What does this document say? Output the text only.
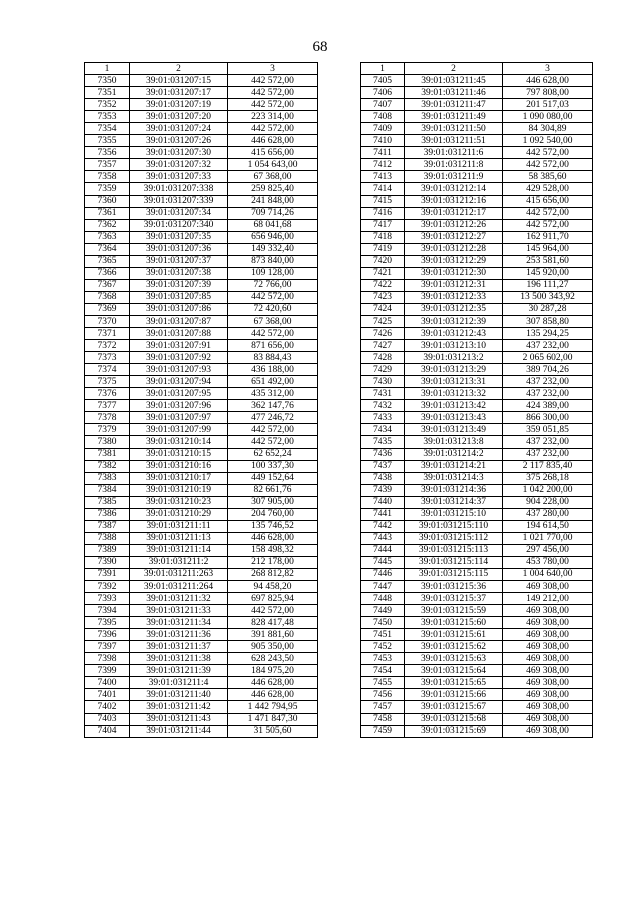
68
1	2	3
7350	39:01:031207:15	442 572,00
7351	39:01:031207:17	442 572,00
7352	39:01:031207:19	442 572,00
7353	39:01:031207:20	223 314,00
7354	39:01:031207:24	442 572,00
7355	39:01:031207:26	446 628,00
7356	39:01:031207:30	415 656,00
7357	39:01:031207:32	1 054 643,00
7358	39:01:031207:33	67 368,00
7359	39:01:031207:338	259 825,40
7360	39:01:031207:339	241 848,00
7361	39:01:031207:34	709 714,26
7362	39:01:031207:340	68 041,68
7363	39:01:031207:35	656 946,00
7364	39:01:031207:36	149 332,40
7365	39:01:031207:37	873 840,00
7366	39:01:031207:38	109 128,00
7367	39:01:031207:39	72 766,00
7368	39:01:031207:85	442 572,00
7369	39:01:031207:86	72 420,60
7370	39:01:031207:87	67 368,00
7371	39:01:031207:88	442 572,00
7372	39:01:031207:91	871 656,00
7373	39:01:031207:92	83 884,43
7374	39:01:031207:93	436 188,00
7375	39:01:031207:94	651 492,00
7376	39:01:031207:95	435 312,00
7377	39:01:031207:96	362 147,76
7378	39:01:031207:97	477 246,72
7379	39:01:031207:99	442 572,00
7380	39:01:031210:14	442 572,00
7381	39:01:031210:15	62 652,24
7382	39:01:031210:16	100 337,30
7383	39:01:031210:17	449 152,64
7384	39:01:031210:19	82 661,76
7385	39:01:031210:23	307 905,00
7386	39:01:031210:29	204 760,00
7387	39:01:031211:11	135 746,52
7388	39:01:031211:13	446 628,00
7389	39:01:031211:14	158 498,32
7390	39:01:031211:2	212 178,00
7391	39:01:031211:263	268 812,82
7392	39:01:031211:264	94 458,20
7393	39:01:031211:32	697 825,94
7394	39:01:031211:33	442 572,00
7395	39:01:031211:34	828 417,48
7396	39:01:031211:36	391 881,60
7397	39:01:031211:37	905 350,00
7398	39:01:031211:38	628 243,50
7399	39:01:031211:39	184 975,20
7400	39:01:031211:4	446 628,00
7401	39:01:031211:40	446 628,00
7402	39:01:031211:42	1 442 794,95
7403	39:01:031211:43	1 471 847,30
7404	39:01:031211:44	31 505,60
1	2	3
7405	39:01:031211:45	446 628,00
7406	39:01:031211:46	797 808,00
7407	39:01:031211:47	201 517,03
7408	39:01:031211:49	1 090 080,00
7409	39:01:031211:50	84 304,89
7410	39:01:031211:51	1 092 540,00
7411	39:01:031211:6	442 572,00
7412	39:01:031211:8	442 572,00
7413	39:01:031211:9	58 385,60
7414	39:01:031212:14	429 528,00
7415	39:01:031212:16	415 656,00
7416	39:01:031212:17	442 572,00
7417	39:01:031212:26	442 572,00
7418	39:01:031212:27	162 911,70
7419	39:01:031212:28	145 964,00
7420	39:01:031212:29	253 581,60
7421	39:01:031212:30	145 920,00
7422	39:01:031212:31	196 111,27
7423	39:01:031212:33	13 500 343,92
7424	39:01:031212:35	30 287,28
7425	39:01:031212:39	307 858,80
7426	39:01:031212:43	135 294,25
7427	39:01:031213:10	437 232,00
7428	39:01:031213:2	2 065 602,00
7429	39:01:031213:29	389 704,26
7430	39:01:031213:31	437 232,00
7431	39:01:031213:32	437 232,00
7432	39:01:031213:42	424 389,00
7433	39:01:031213:43	866 300,00
7434	39:01:031213:49	359 051,85
7435	39:01:031213:8	437 232,00
7436	39:01:031214:2	437 232,00
7437	39:01:031214:21	2 117 835,40
7438	39:01:031214:3	375 268,18
7439	39:01:031214:36	1 042 200,00
7440	39:01:031214:37	904 228,00
7441	39:01:031215:10	437 280,00
7442	39:01:031215:110	194 614,50
7443	39:01:031215:112	1 021 770,00
7444	39:01:031215:113	297 456,00
7445	39:01:031215:114	453 780,00
7446	39:01:031215:115	1 004 640,00
7447	39:01:031215:36	469 308,00
7448	39:01:031215:37	149 212,00
7449	39:01:031215:59	469 308,00
7450	39:01:031215:60	469 308,00
7451	39:01:031215:61	469 308,00
7452	39:01:031215:62	469 308,00
7453	39:01:031215:63	469 308,00
7454	39:01:031215:64	469 308,00
7455	39:01:031215:65	469 308,00
7456	39:01:031215:66	469 308,00
7457	39:01:031215:67	469 308,00
7458	39:01:031215:68	469 308,00
7459	39:01:031215:69	469 308,00
